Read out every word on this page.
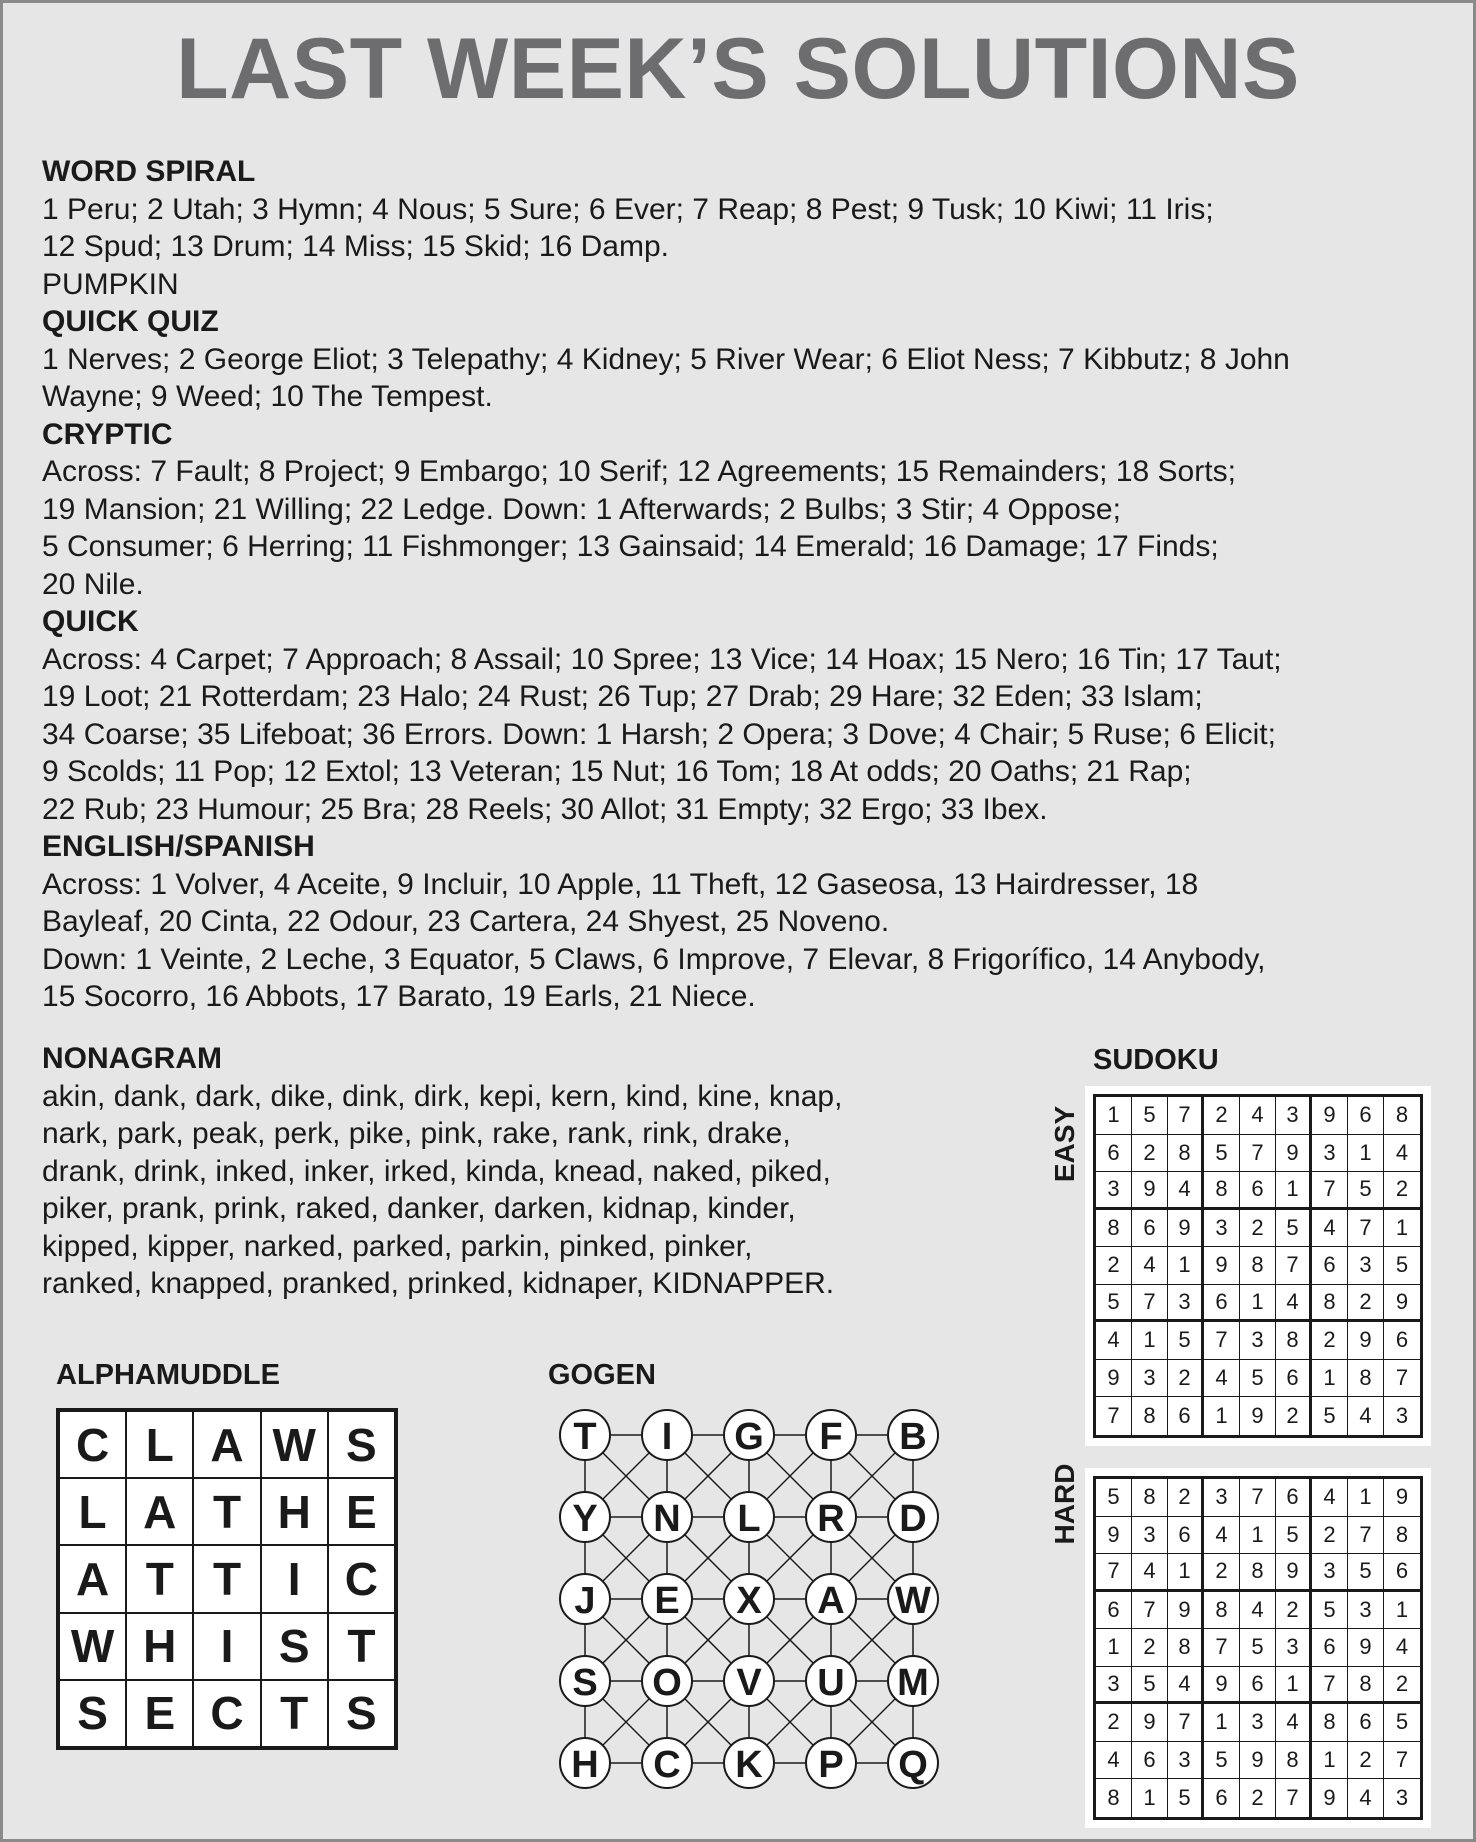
LAST WEEK’S SOLUTIONS
WORD SPIRAL
1 Peru; 2 Utah; 3 Hymn; 4 Nous; 5 Sure; 6 Ever; 7 Reap; 8 Pest; 9 Tusk; 10 Kiwi; 11 Iris;
12 Spud; 13 Drum; 14 Miss; 15 Skid; 16 Damp.
PUMPKIN
QUICK QUIZ
1 Nerves; 2 George Eliot; 3 Telepathy; 4 Kidney; 5 River Wear; 6 Eliot Ness; 7 Kibbutz; 8 John
Wayne; 9 Weed; 10 The Tempest.
CRYPTIC
Across: 7 Fault; 8 Project; 9 Embargo; 10 Serif; 12 Agreements; 15 Remainders; 18 Sorts;
19 Mansion; 21 Willing; 22 Ledge. Down: 1 Afterwards; 2 Bulbs; 3 Stir; 4 Oppose;
5 Consumer; 6 Herring; 11 Fishmonger; 13 Gainsaid; 14 Emerald; 16 Damage; 17 Finds;
20 Nile.
QUICK
Across: 4 Carpet; 7 Approach; 8 Assail; 10 Spree; 13 Vice; 14 Hoax; 15 Nero; 16 Tin; 17 Taut;
19 Loot; 21 Rotterdam; 23 Halo; 24 Rust; 26 Tup; 27 Drab; 29 Hare; 32 Eden; 33 Islam;
34 Coarse; 35 Lifeboat; 36 Errors. Down: 1 Harsh; 2 Opera; 3 Dove; 4 Chair; 5 Ruse; 6 Elicit;
9 Scolds; 11 Pop; 12 Extol; 13 Veteran; 15 Nut; 16 Tom; 18 At odds; 20 Oaths; 21 Rap;
22 Rub; 23 Humour; 25 Bra; 28 Reels; 30 Allot; 31 Empty; 32 Ergo; 33 Ibex.
ENGLISH/SPANISH
Across: 1 Volver, 4 Aceite, 9 Incluir, 10 Apple, 11 Theft, 12 Gaseosa, 13 Hairdresser, 18
Bayleaf, 20 Cinta, 22 Odour, 23 Cartera, 24 Shyest, 25 Noveno.
Down: 1 Veinte, 2 Leche, 3 Equator, 5 Claws, 6 Improve, 7 Elevar, 8 Frigorífico, 14 Anybody,
15 Socorro, 16 Abbots, 17 Barato, 19 Earls, 21 Niece.
NONAGRAM
akin, dank, dark, dike, dink, dirk, kepi, kern, kind, kine, knap,
nark, park, peak, perk, pike, pink, rake, rank, rink, drake,
drank, drink, inked, inker, irked, kinda, knead, naked, piked,
piker, prank, prink, raked, danker, darken, kidnap, kinder,
kipped, kipper, narked, parked, parkin, pinked, pinker,
ranked, knapped, pranked, prinked, kidnaper, KIDNAPPER.
ALPHAMUDDLE
C L A W S
L A T H E
A T T	I C
W H I S T
S E C T S
GOGEN
T I G F B
Y N L R D
J E X A W
S O V U M
H C K P Q
SUDOKU
EASY	1	5	7	2	4	3	9	6	8
6	2	8	5	7	9	3	1	4
3	9	4	8	6	1	7	5	2
8	6	9	3	2	5	4	7	1
2	4	1	9	8	7	6	3	5
5	7	3	6	1	4	8	2	9
4	1	5	7	3	8	2	9	6
9	3	2	4	5	6	1	8	7
7	8	6	1	9	2	5	4	3
HARD	5	8	2	3	7	6	4	1	9
9	3	6	4	1	5	2	7	8
7	4	1	2	8	9	3	5	6
6	7	9	8	4	2	5	3	1
1	2	8	7	5	3	6	9	4
3	5	4	9	6	1	7	8	2
2	9	7	1	3	4	8	6	5
4	6	3	5	9	8	1	2	7
8	1	5	6	2	7	9	4	3
